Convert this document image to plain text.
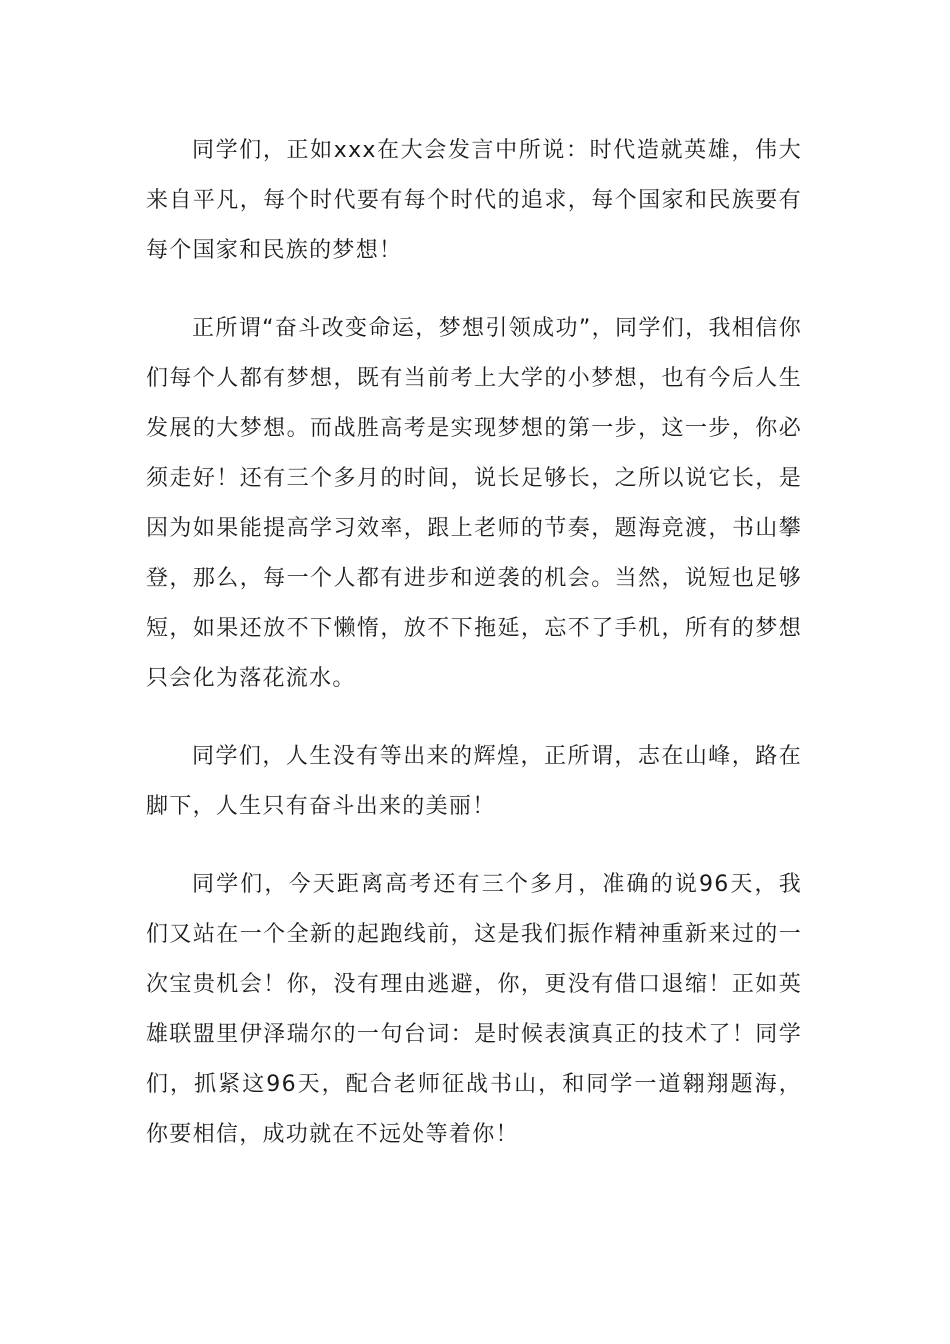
同学们，正如xxx在大会发言中所说：时代造就英雄，伟大来自平凡，每个时代要有每个时代的追求，每个国家和民族要有每个国家和民族的梦想！

正所谓“奋斗改变命运，梦想引领成功”，同学们，我相信你们每个人都有梦想，既有当前考上大学的小梦想，也有今后人生发展的大梦想。而战胜高考是实现梦想的第一步，这一步，你必须走好！还有三个多月的时间，说长足够长，之所以说它长，是因为如果能提高学习效率，跟上老师的节奏，题海竞渡，书山攀登，那么，每一个人都有进步和逆袭的机会。当然，说短也足够短，如果还放不下懒惰，放不下拖延，忘不了手机，所有的梦想只会化为落花流水。

同学们，人生没有等出来的辉煌，正所谓，志在山峰，路在脚下，人生只有奋斗出来的美丽！

同学们，今天距离高考还有三个多月，准确的说96天，我们又站在一个全新的起跑线前，这是我们振作精神重新来过的一次宝贵机会！你，没有理由逃避，你，更没有借口退缩！正如英雄联盟里伊泽瑞尔的一句台词：是时候表演真正的技术了！同学们，抓紧这96天，配合老师征战书山，和同学一道翱翔题海，你要相信，成功就在不远处等着你！
